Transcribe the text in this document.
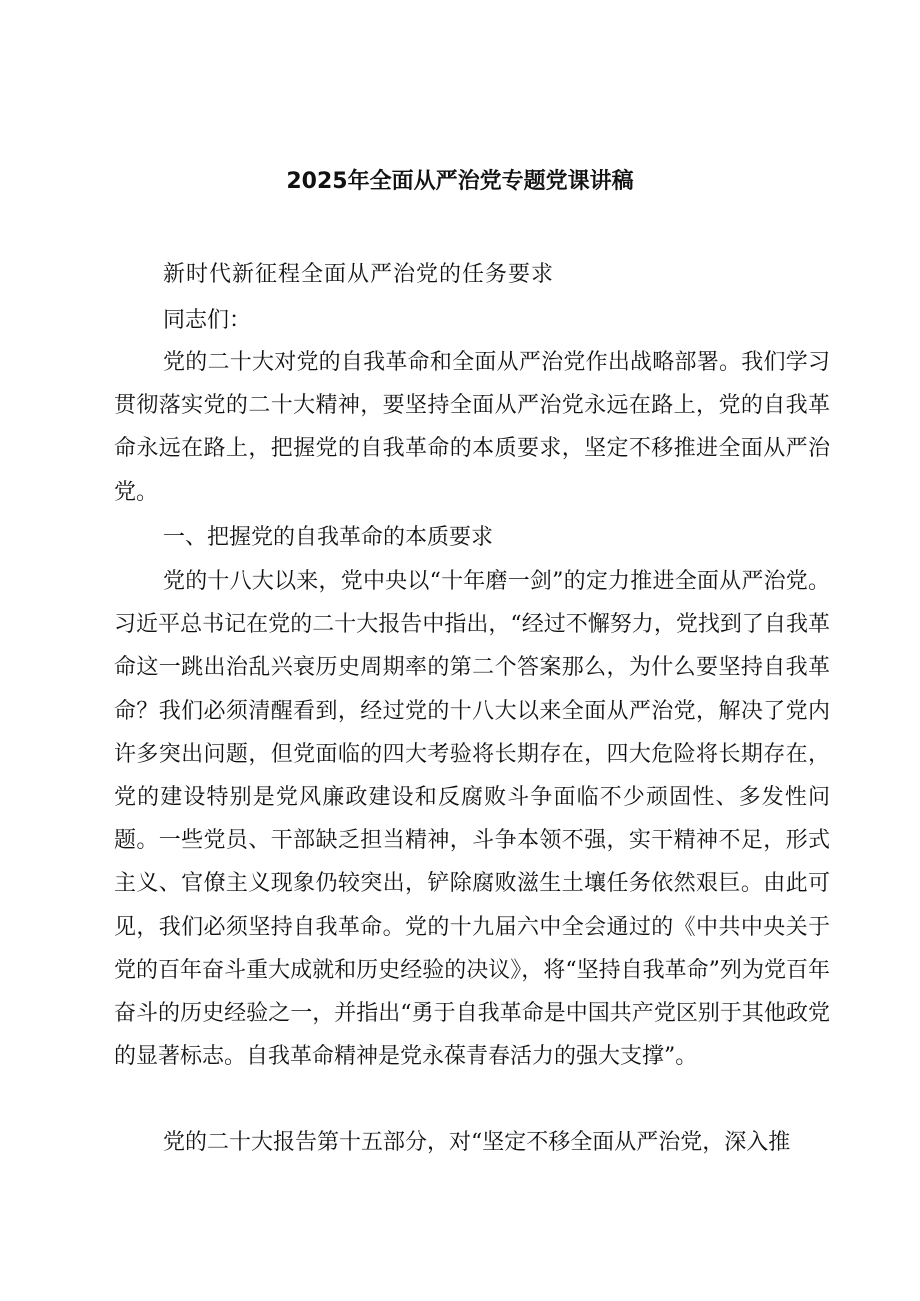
2025年全面从严治党专题党课讲稿
新时代新征程全面从严治党的任务要求
同志们：
党的二十大对党的自我革命和全面从严治党作出战略部署。我们学习贯彻落实党的二十大精神，要坚持全面从严治党永远在路上，党的自我革命永远在路上，把握党的自我革命的本质要求，坚定不移推进全面从严治党。
一、把握党的自我革命的本质要求
党的十八大以来，党中央以“十年磨一剑”的定力推进全面从严治党。习近平总书记在党的二十大报告中指出，“经过不懈努力，党找到了自我革命这一跳出治乱兴衰历史周期率的第二个答案那么，为什么要坚持自我革命？我们必须清醒看到，经过党的十八大以来全面从严治党，解决了党内许多突出问题，但党面临的四大考验将长期存在，四大危险将长期存在，党的建设特别是党风廉政建设和反腐败斗争面临不少顽固性、多发性问题。一些党员、干部缺乏担当精神，斗争本领不强，实干精神不足，形式主义、官僚主义现象仍较突出，铲除腐败滋生土壤任务依然艰巨。由此可见，我们必须坚持自我革命。党的十九届六中全会通过的《中共中央关于党的百年奋斗重大成就和历史经验的决议》，将“坚持自我革命”列为党百年奋斗的历史经验之一，并指出“勇于自我革命是中国共产党区别于其他政党的显著标志。自我革命精神是党永葆青春活力的强大支撑”。
党的二十大报告第十五部分，对“坚定不移全面从严治党，深入推
